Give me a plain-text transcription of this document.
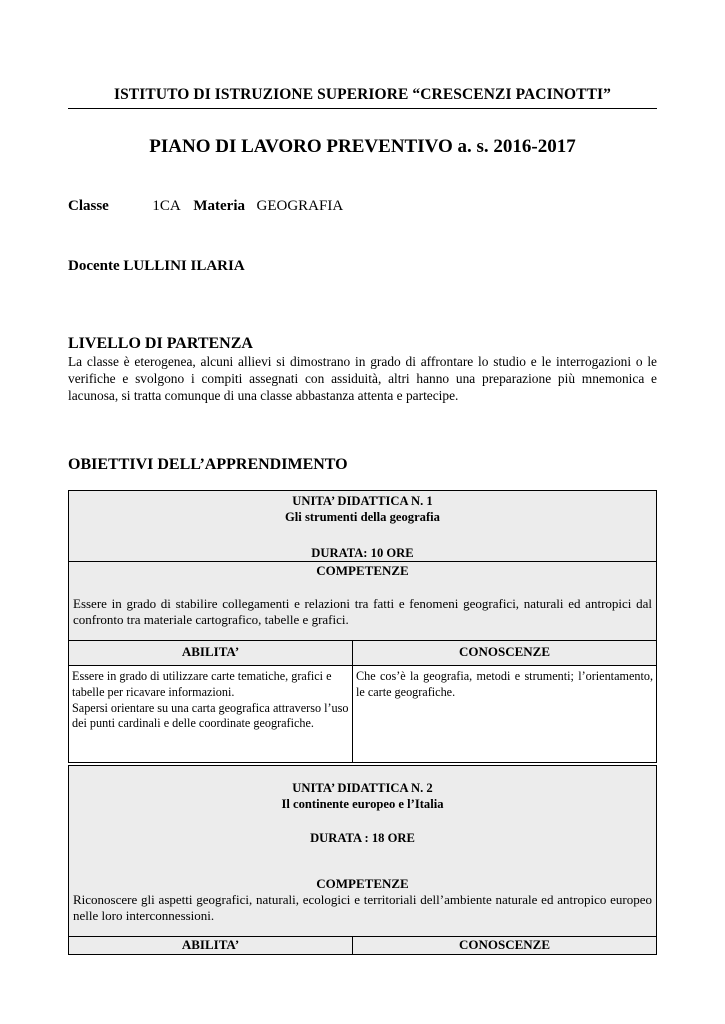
ISTITUTO DI ISTRUZIONE SUPERIORE “CRESCENZI PACINOTTI”
PIANO DI LAVORO PREVENTIVO a. s. 2016-2017
Classe	1CA Materia GEOGRAFIA
Docente LULLINI ILARIA
LIVELLO DI PARTENZA
La classe è eterogenea, alcuni allievi si dimostrano in grado di affrontare lo studio e le interrogazioni o le verifiche e svolgono i compiti assegnati con assiduità, altri hanno una preparazione più mnemonica e lacunosa, si tratta comunque di una classe abbastanza attenta e partecipe.
OBIETTIVI DELL’APPRENDIMENTO
UNITA’ DIDATTICA N. 1
Gli strumenti della geografia
DURATA: 10 ORE	

COMPETENZE
Essere in grado di stabilire collegamenti e relazioni tra fatti e fenomeni geografici, naturali ed antropici dal confronto tra materiale cartografico, tabelle e grafici.	

ABILITA’	CONOSCENZE

Essere in grado di utilizzare carte tematiche, grafici e tabelle per ricavare informazioni.
Sapersi orientare su una carta geografica attraverso l’uso dei punti cardinali e delle coordinate geografiche.	Che cos’è la geografia, metodi e strumenti; l’orientamento, le carte geografiche.
UNITA’ DIDATTICA N. 2
Il continente europeo e l’Italia
DURATA : 18 ORE
COMPETENZE
Riconoscere gli aspetti geografici, naturali, ecologici e territoriali dell’ambiente naturale ed antropico europeo nelle loro interconnessioni.

ABILITA’	CONOSCENZE
